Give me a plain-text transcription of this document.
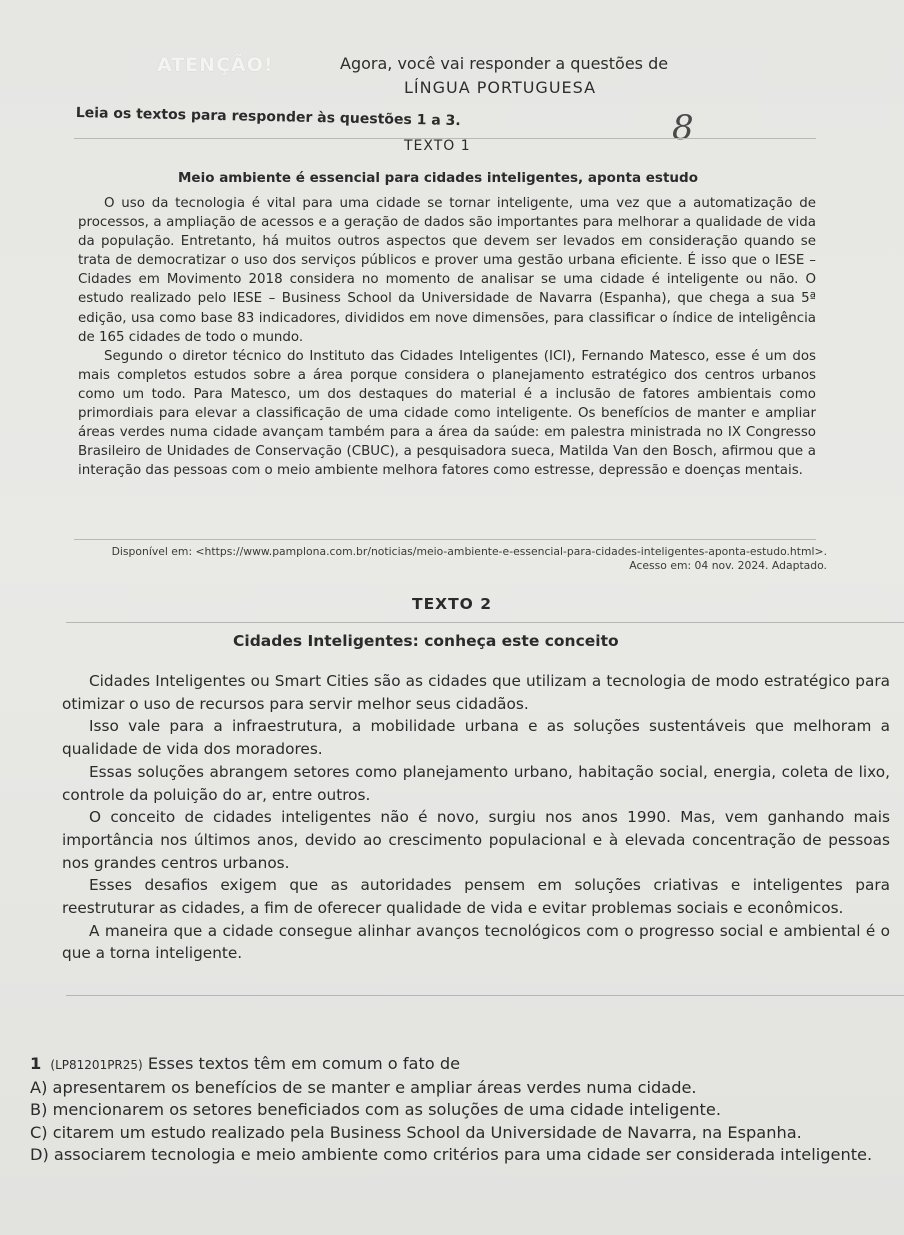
ATENÇÃO!	Agora, você vai responder a questões de
LÍNGUA PORTUGUESA
Leia os textos para responder às questões 1 a 3.	8
TEXTO 1
Meio ambiente é essencial para cidades inteligentes, aponta estudo

O uso da tecnologia é vital para uma cidade se tornar inteligente, uma vez que a automatização de processos, a ampliação de acessos e a geração de dados são importantes para melhorar a qualidade de vida da população. Entretanto, há muitos outros aspectos que devem ser levados em consideração quando se trata de democratizar o uso dos serviços públicos e prover uma gestão urbana eficiente. É isso que o IESE – Cidades em Movimento 2018 considera no momento de analisar se uma cidade é inteligente ou não. O estudo realizado pelo IESE – Business School da Universidade de Navarra (Espanha), que chega a sua 5ª edição, usa como base 83 indicadores, divididos em nove dimensões, para classificar o índice de inteligência de 165 cidades de todo o mundo.

Segundo o diretor técnico do Instituto das Cidades Inteligentes (ICI), Fernando Matesco, esse é um dos mais completos estudos sobre a área porque considera o planejamento estratégico dos centros urbanos como um todo. Para Matesco, um dos destaques do material é a inclusão de fatores ambientais como primordiais para elevar a classificação de uma cidade como inteligente. Os benefícios de manter e ampliar áreas verdes numa cidade avançam também para a área da saúde: em palestra ministrada no IX Congresso Brasileiro de Unidades de Conservação (CBUC), a pesquisadora sueca, Matilda Van den Bosch, afirmou que a interação das pessoas com o meio ambiente melhora fatores como estresse, depressão e doenças mentais.

Disponível em: <https://www.pamplona.com.br/noticias/meio-ambiente-e-essencial-para-cidades-inteligentes-aponta-estudo.html>. Acesso em: 04 nov. 2024. Adaptado.
TEXTO 2
Cidades Inteligentes: conheça este conceito

Cidades Inteligentes ou Smart Cities são as cidades que utilizam a tecnologia de modo estratégico para otimizar o uso de recursos para servir melhor seus cidadãos.

Isso vale para a infraestrutura, a mobilidade urbana e as soluções sustentáveis que melhoram a qualidade de vida dos moradores.

Essas soluções abrangem setores como planejamento urbano, habitação social, energia, coleta de lixo, controle da poluição do ar, entre outros.

O conceito de cidades inteligentes não é novo, surgiu nos anos 1990. Mas, vem ganhando mais importância nos últimos anos, devido ao crescimento populacional e à elevada concentração de pessoas nos grandes centros urbanos.

Esses desafios exigem que as autoridades pensem em soluções criativas e inteligentes para reestruturar as cidades, a fim de oferecer qualidade de vida e evitar problemas sociais e econômicos.

A maneira que a cidade consegue alinhar avanços tecnológicos com o progresso social e ambiental é o que a torna inteligente.

1 (LP81201PR25) Esses textos têm em comum o fato de

A) apresentarem os benefícios de se manter e ampliar áreas verdes numa cidade.

B) mencionarem os setores beneficiados com as soluções de uma cidade inteligente.

C) citarem um estudo realizado pela Business School da Universidade de Navarra, na Espanha.

D) associarem tecnologia e meio ambiente como critérios para uma cidade ser considerada inteligente.
